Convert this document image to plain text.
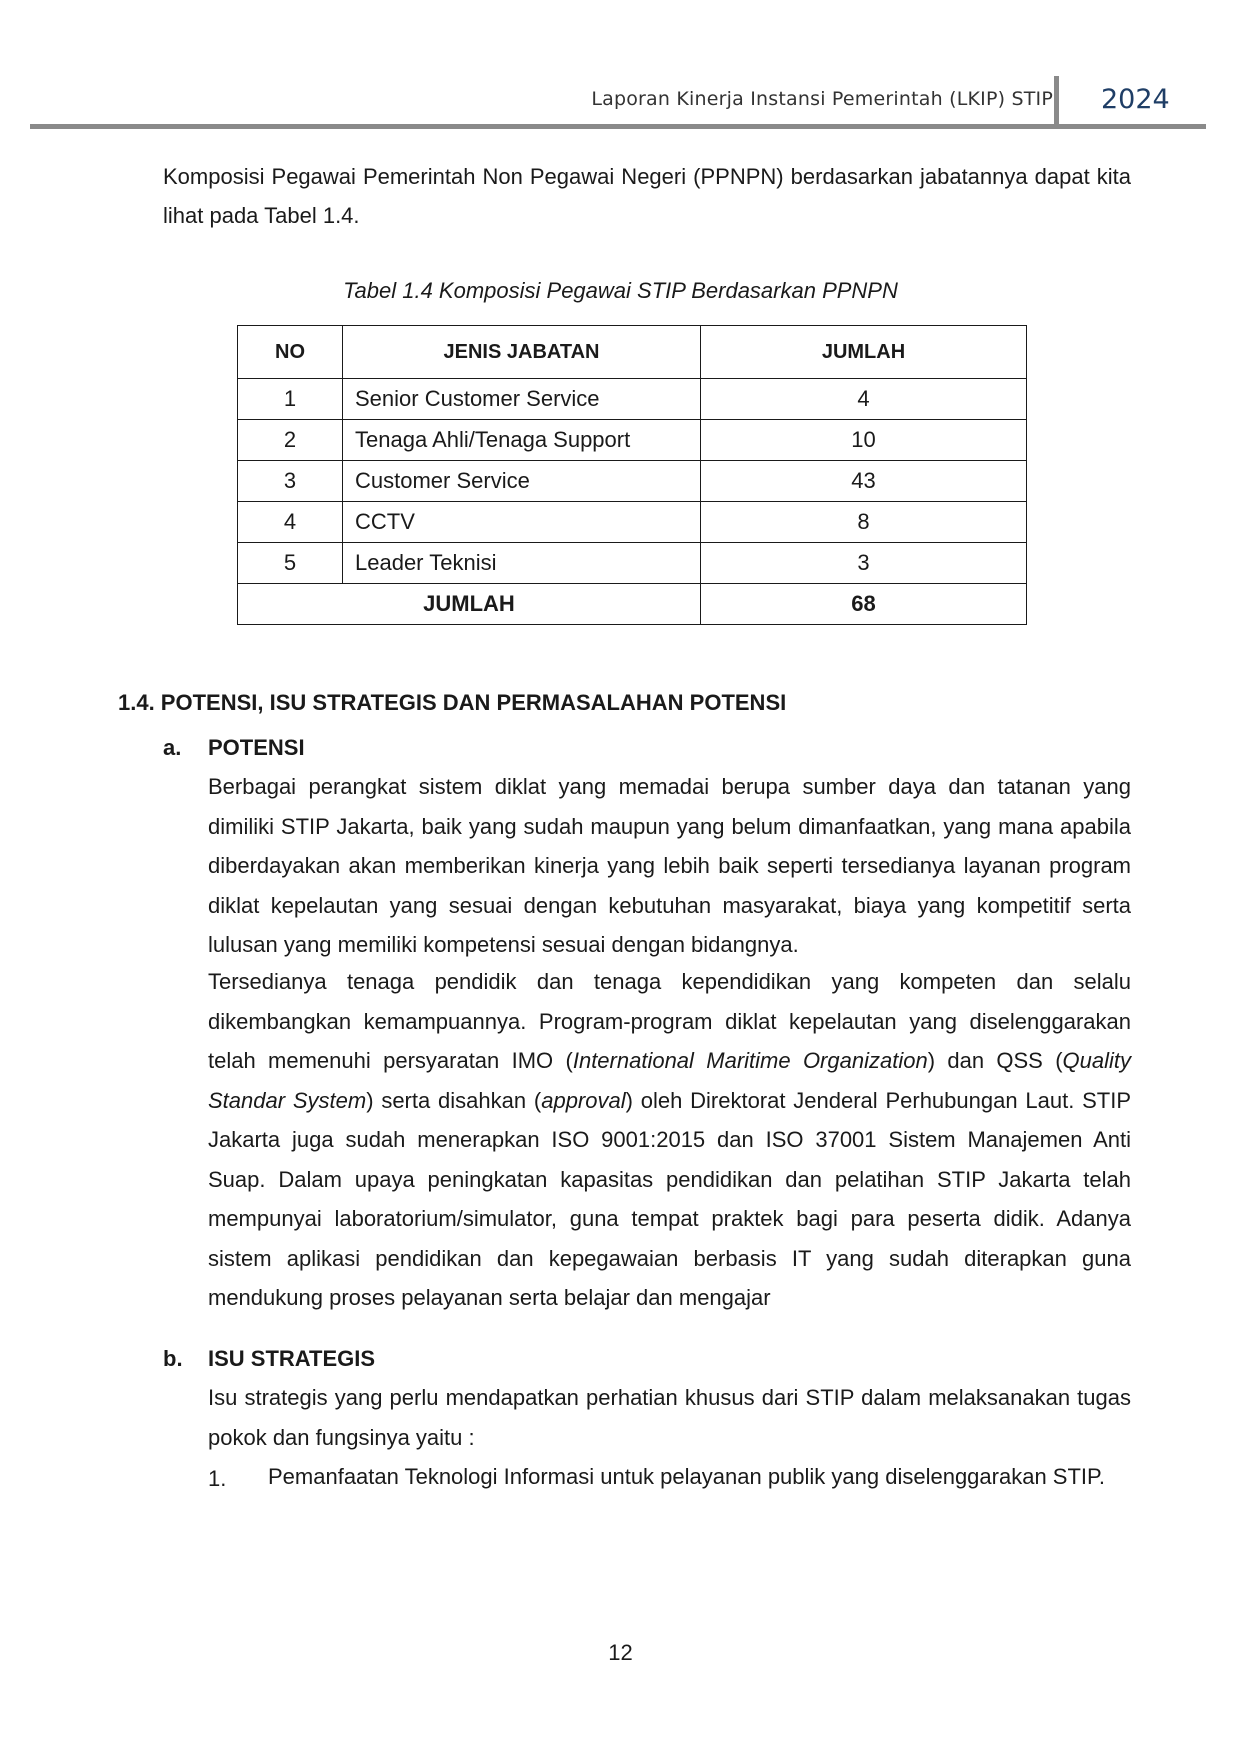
Laporan Kinerja Instansi Pemerintah (LKIP) STIP 2024

Komposisi Pegawai Pemerintah Non Pegawai Negeri (PPNPN) berdasarkan jabatannya dapat kita lihat pada Tabel 1.4.

Tabel 1.4 Komposisi Pegawai STIP Berdasarkan PPNPN

NO	JENIS JABATAN	JUMLAH
1	Senior Customer Service	4
2	Tenaga Ahli/Tenaga Support	10
3	Customer Service	43
4	CCTV	8
5	Leader Teknisi	3
JUMLAH		68

1.4. POTENSI, ISU STRATEGIS DAN PERMASALAHAN POTENSI

a. POTENSI

Berbagai perangkat sistem diklat yang memadai berupa sumber daya dan tatanan yang dimiliki STIP Jakarta, baik yang sudah maupun yang belum dimanfaatkan, yang mana apabila diberdayakan akan memberikan kinerja yang lebih baik seperti tersedianya layanan program diklat kepelautan yang sesuai dengan kebutuhan masyarakat, biaya yang kompetitif serta lulusan yang memiliki kompetensi sesuai dengan bidangnya.

Tersedianya tenaga pendidik dan tenaga kependidikan yang kompeten dan selalu dikembangkan kemampuannya. Program-program diklat kepelautan yang diselenggarakan telah memenuhi persyaratan IMO (International Maritime Organization) dan QSS (Quality Standar System) serta disahkan (approval) oleh Direktorat Jenderal Perhubungan Laut. STIP Jakarta juga sudah menerapkan ISO 9001:2015 dan ISO 37001 Sistem Manajemen Anti Suap. Dalam upaya peningkatan kapasitas pendidikan dan pelatihan STIP Jakarta telah mempunyai laboratorium/simulator, guna tempat praktek bagi para peserta didik. Adanya sistem aplikasi pendidikan dan kepegawaian berbasis IT yang sudah diterapkan guna mendukung proses pelayanan serta belajar dan mengajar

b. ISU STRATEGIS

Isu strategis yang perlu mendapatkan perhatian khusus dari STIP dalam melaksanakan tugas pokok dan fungsinya yaitu :

1. Pemanfaatan Teknologi Informasi untuk pelayanan publik yang diselenggarakan STIP.

12
